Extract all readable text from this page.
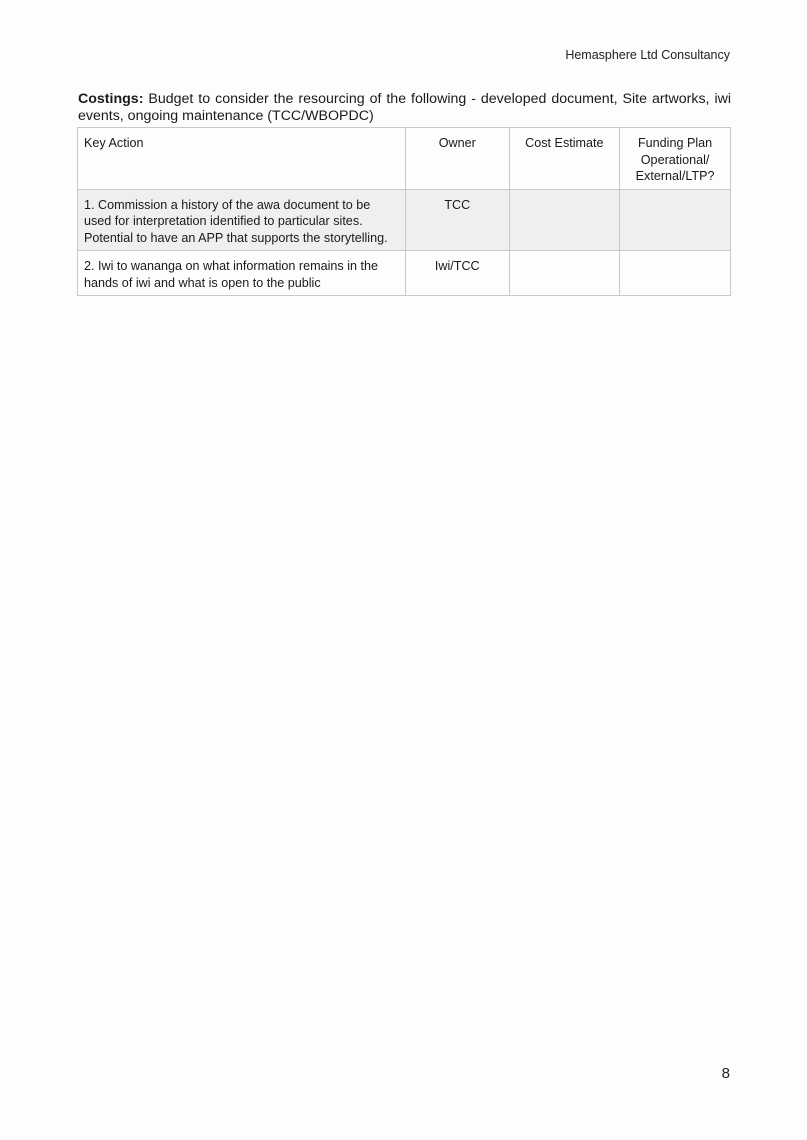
Hemasphere Ltd Consultancy

Costings: Budget to consider the resourcing of the following - developed document, Site artworks, iwi events, ongoing maintenance (TCC/WBOPDC)

Key Action	Owner	Cost Estimate	Funding Plan Operational/ External/LTP?
1. Commission a history of the awa document to be used for interpretation identified to particular sites. Potential to have an APP that supports the storytelling.	TCC		
2. Iwi to wananga on what information remains in the hands of iwi and what is open to the public	Iwi/TCC		
8
